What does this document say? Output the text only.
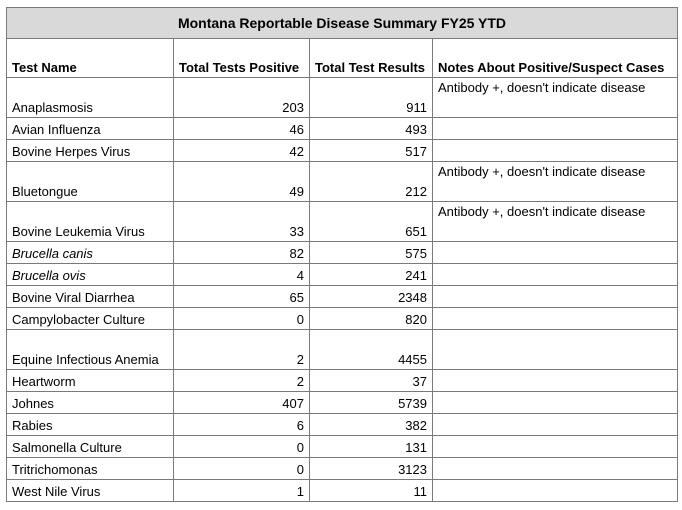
Montana Reportable Disease Summary FY25 YTD			
Test Name	Total Tests Positive	Total Test Results	Notes About Positive/Suspect Cases
Anaplasmosis	203	911	Antibody +, doesn't indicate disease
Avian Influenza	46	493	
Bovine Herpes Virus	42	517	
Bluetongue	49	212	Antibody +, doesn't indicate disease
Bovine Leukemia Virus	33	651	Antibody +, doesn't indicate disease
Brucella canis	82	575	
Brucella ovis	4	241	
Bovine Viral Diarrhea	65	2348	
Campylobacter Culture	0	820	
Equine Infectious Anemia	2	4455	
Heartworm	2	37	
Johnes	407	5739	
Rabies	6	382	
Salmonella Culture	0	131	
Tritrichomonas	0	3123	
West Nile Virus	1	11	
